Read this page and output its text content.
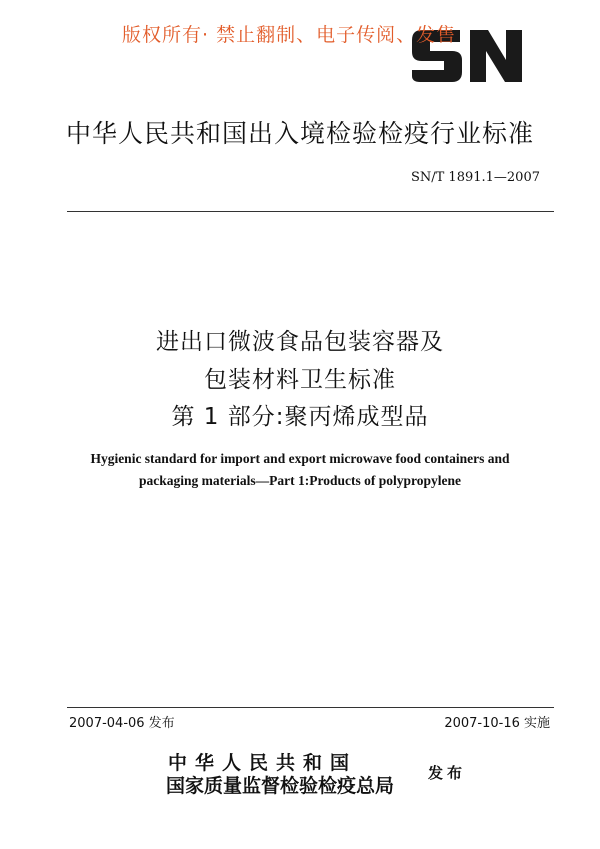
版权所有· 禁止翻制、电子传阅、发售
中华人民共和国出入境检验检疫行业标准
SN/T 1891.1—2007
进出口微波食品包装容器及
包装材料卫生标准
第 1 部分:聚丙烯成型品
Hygienic standard for import and export microwave food containers and
packaging materials—Part 1:Products of polypropylene
2007-04-06 发布	2007-10-16 实施
中华人民共和国
国家质量监督检验检疫总局
发布
